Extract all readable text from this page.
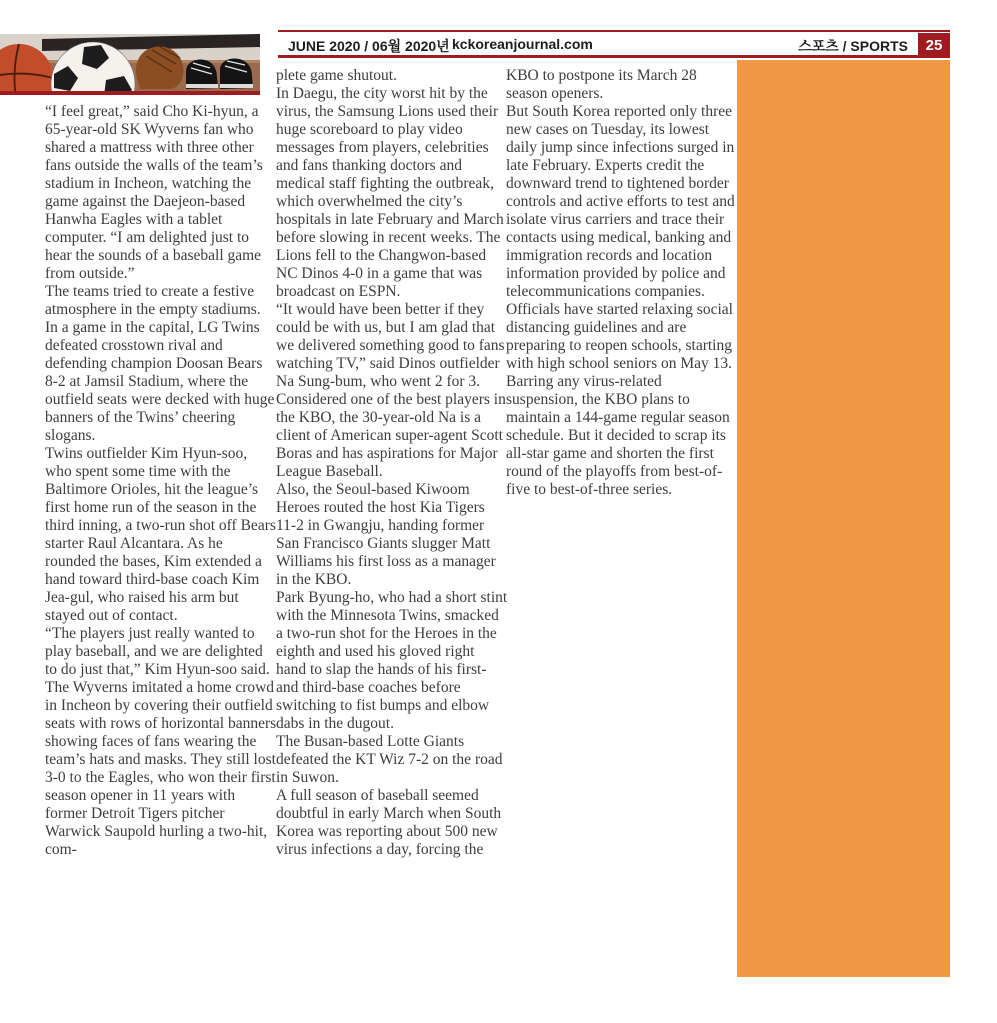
JUNE 2020 / 06월 2020년 kckoreanjournal.com	스포츠 / SPORTS	25

“I feel great,” said Cho Ki-hyun, a 65-year-old SK Wyverns fan who shared a mattress with three other fans outside the walls of the team’s stadium in Incheon, watching the game against the Daejeon-based Hanwha Eagles with a tablet computer. “I am delighted just to hear the sounds of a baseball game from outside.”

The teams tried to create a festive atmosphere in the empty stadiums.

In a game in the capital, LG Twins defeated crosstown rival and defending champion Doosan Bears 8-2 at Jamsil Stadium, where the outfield seats were decked with huge banners of the Twins’ cheering slogans.

Twins outfielder Kim Hyun-soo, who spent some time with the Baltimore Orioles, hit the league’s first home run of the season in the third inning, a two-run shot off Bears starter Raul Alcantara. As he rounded the bases, Kim extended a hand toward third-base coach Kim Jea-gul, who raised his arm but stayed out of contact.

“The players just really wanted to play baseball, and we are delighted to do just that,” Kim Hyun-soo said.

The Wyverns imitated a home crowd in Incheon by covering their outfield seats with rows of horizontal banners showing faces of fans wearing the team’s hats and masks. They still lost 3-0 to the Eagles, who won their first season opener in 11 years with former Detroit Tigers pitcher Warwick Saupold hurling a two-hit, com-

plete game shutout.

In Daegu, the city worst hit by the virus, the Samsung Lions used their huge scoreboard to play video messages from players, celebrities and fans thanking doctors and medical staff fighting the outbreak, which overwhelmed the city’s hospitals in late February and March before slowing in recent weeks. The Lions fell to the Changwon-based NC Dinos 4-0 in a game that was broadcast on ESPN.

“It would have been better if they could be with us, but I am glad that we delivered something good to fans watching TV,” said Dinos outfielder Na Sung-bum, who went 2 for 3. Considered one of the best players in the KBO, the 30-year-old Na is a client of American super-agent Scott Boras and has aspirations for Major League Baseball.

Also, the Seoul-based Kiwoom Heroes routed the host Kia Tigers 11-2 in Gwangju, handing former San Francisco Giants slugger Matt Williams his first loss as a manager in the KBO.

Park Byung-ho, who had a short stint with the Minnesota Twins, smacked a two-run shot for the Heroes in the eighth and used his gloved right hand to slap the hands of his first- and third-base coaches before switching to fist bumps and elbow dabs in the dugout.

The Busan-based Lotte Giants defeated the KT Wiz 7-2 on the road in Suwon.

A full season of baseball seemed doubtful in early March when South Korea was reporting about 500 new virus infections a day, forcing the

KBO to postpone its March 28 season openers.

But South Korea reported only three new cases on Tuesday, its lowest daily jump since infections surged in late February. Experts credit the downward trend to tightened border controls and active efforts to test and isolate virus carriers and trace their contacts using medical, banking and immigration records and location information provided by police and telecommunications companies.

Officials have started relaxing social distancing guidelines and are preparing to reopen schools, starting with high school seniors on May 13.

Barring any virus-related suspension, the KBO plans to maintain a 144-game regular season schedule. But it decided to scrap its all-star game and shorten the first round of the playoffs from best-of-five to best-of-three series.
